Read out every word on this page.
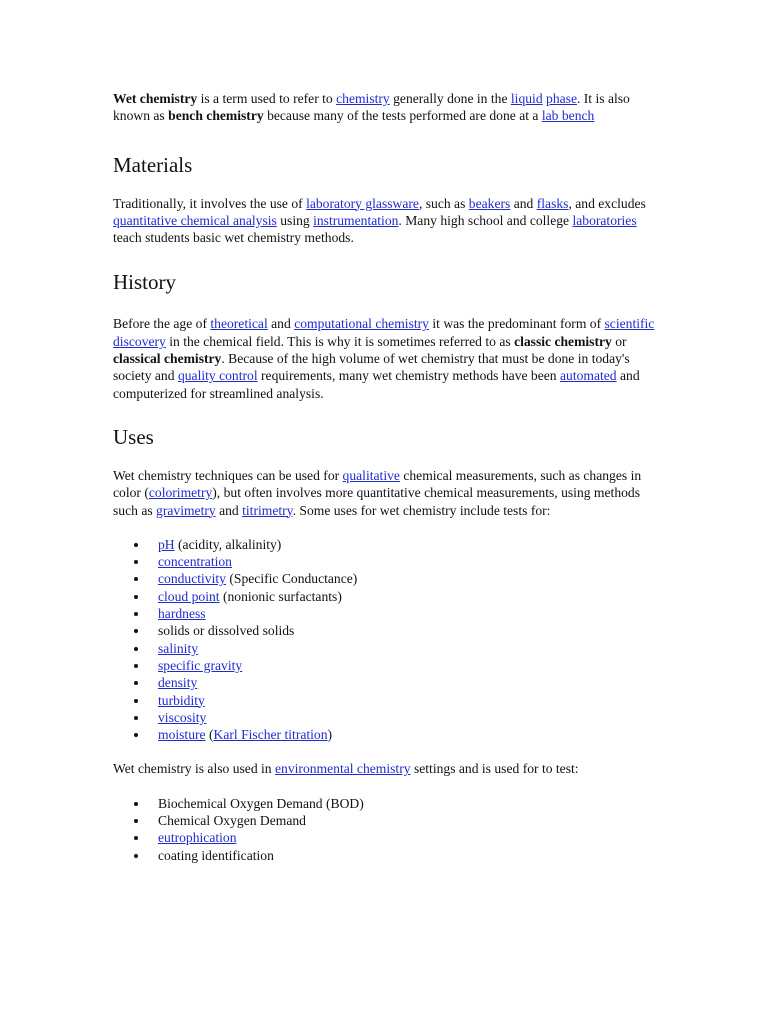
Wet chemistry is a term used to refer to chemistry generally done in the liquid phase. It is also known as bench chemistry because many of the tests performed are done at a lab bench

Materials

Traditionally, it involves the use of laboratory glassware, such as beakers and flasks, and excludes quantitative chemical analysis using instrumentation. Many high school and college laboratories teach students basic wet chemistry methods.

History

Before the age of theoretical and computational chemistry it was the predominant form of scientific discovery in the chemical field. This is why it is sometimes referred to as classic chemistry or classical chemistry. Because of the high volume of wet chemistry that must be done in today's society and quality control requirements, many wet chemistry methods have been automated and computerized for streamlined analysis.

Uses

Wet chemistry techniques can be used for qualitative chemical measurements, such as changes in color (colorimetry), but often involves more quantitative chemical measurements, using methods such as gravimetry and titrimetry. Some uses for wet chemistry include tests for:

pH (acidity, alkalinity)
concentration
conductivity (Specific Conductance)
cloud point (nonionic surfactants)
hardness
solids or dissolved solids
salinity
specific gravity
density
turbidity
viscosity
moisture (Karl Fischer titration)

Wet chemistry is also used in environmental chemistry settings and is used for to test:

Biochemical Oxygen Demand (BOD)
Chemical Oxygen Demand
eutrophication
coating identification
